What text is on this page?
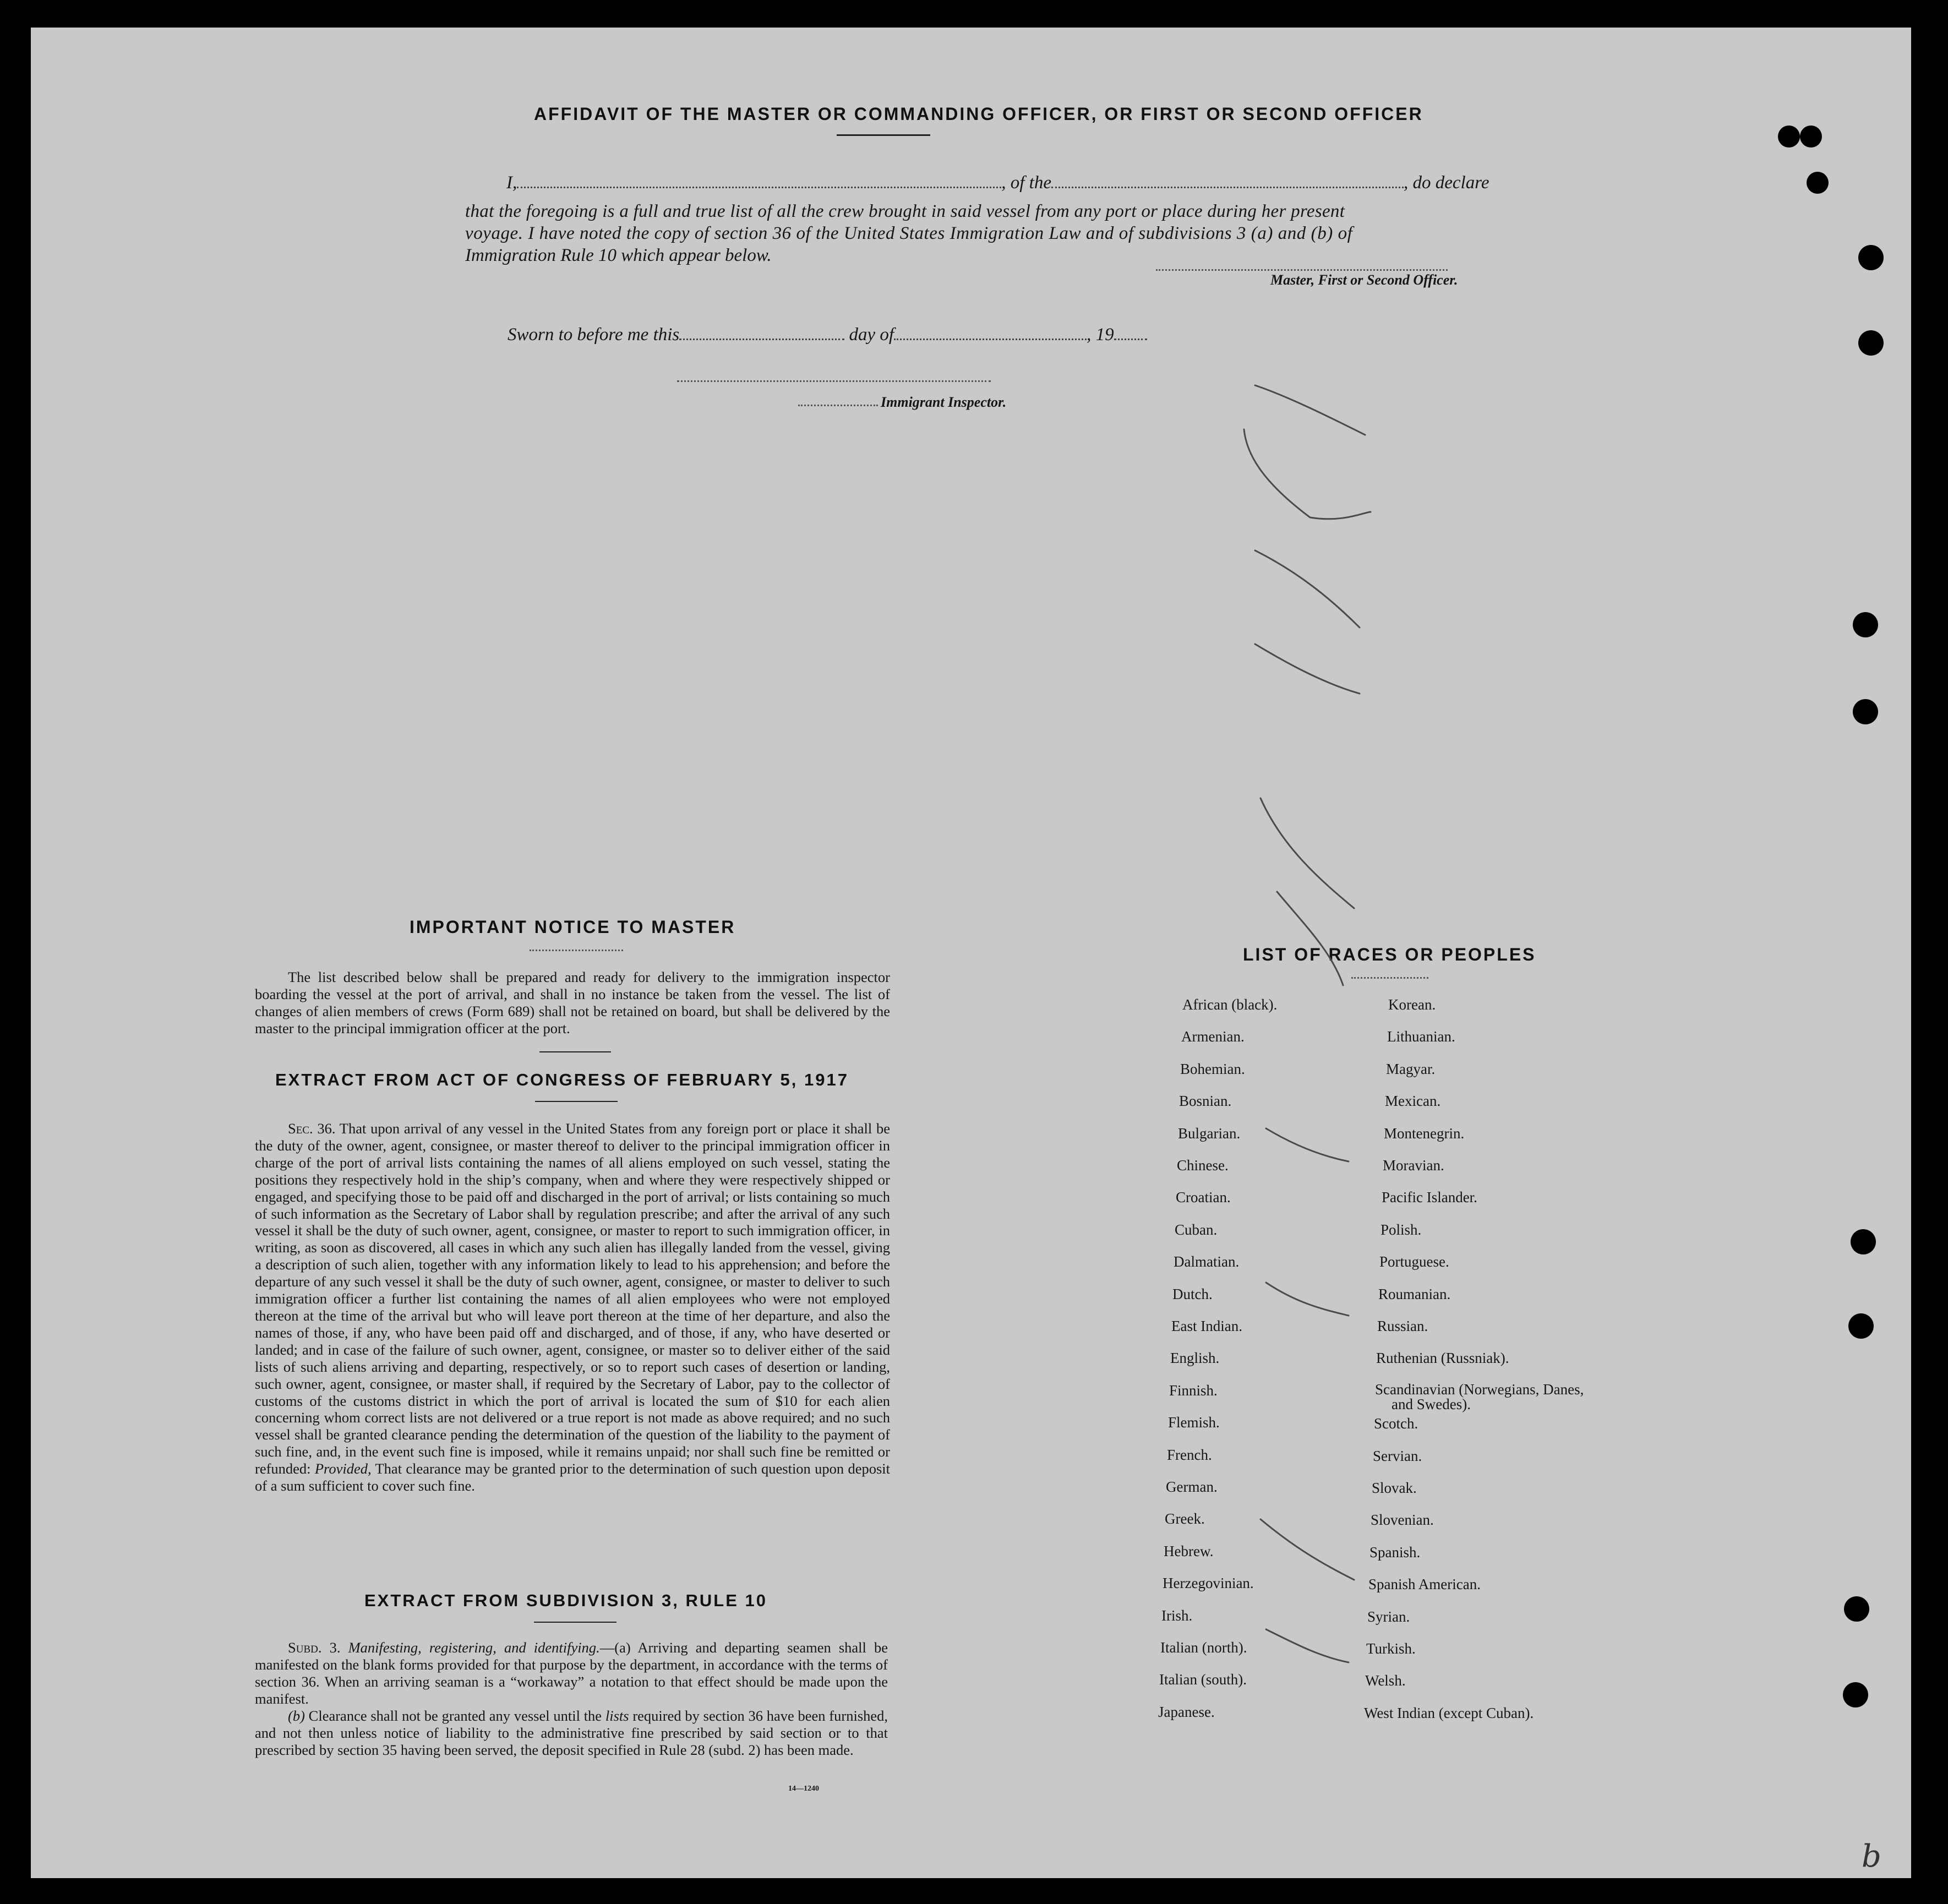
AFFIDAVIT OF THE MASTER OR COMMANDING OFFICER, OR FIRST OR SECOND OFFICER
I,	, of the	, do declare
that the foregoing is a full and true list of all the crew brought in said vessel from any port or place during her present
voyage. I have noted the copy of section 36 of the United States Immigration Law and of subdivisions 3 (a) and (b) of
Immigration Rule 10 which appear below.
Master, First or Second Officer.
Sworn to before me this	day of	, 19
Immigrant Inspector.
IMPORTANT NOTICE TO MASTER

The list described below shall be prepared and ready for delivery to the immigration inspector boarding the vessel at the port of arrival, and shall in no instance be taken from the vessel. The list of changes of alien members of crews (Form 689) shall not be retained on board, but shall be delivered by the master to the principal immigration officer at the port.

EXTRACT FROM ACT OF CONGRESS OF FEBRUARY 5, 1917

Sec. 36. That upon arrival of any vessel in the United States from any foreign port or place it shall be the duty of the owner, agent, consignee, or master thereof to deliver to the principal immigration officer in charge of the port of arrival lists containing the names of all aliens employed on such vessel, stating the positions they respectively hold in the ship’s company, when and where they were respectively shipped or engaged, and specifying those to be paid off and discharged in the port of arrival; or lists containing so much of such information as the Secretary of Labor shall by regulation prescribe; and after the arrival of any such vessel it shall be the duty of such owner, agent, consignee, or master to report to such immigration officer, in writing, as soon as discovered, all cases in which any such alien has illegally landed from the vessel, giving a description of such alien, together with any information likely to lead to his apprehension; and before the departure of any such vessel it shall be the duty of such owner, agent, consignee, or master to deliver to such immigration officer a further list containing the names of all alien employees who were not employed thereon at the time of the arrival but who will leave port thereon at the time of her departure, and also the names of those, if any, who have been paid off and discharged, and of those, if any, who have deserted or landed; and in case of the failure of such owner, agent, consignee, or master so to deliver either of the said lists of such aliens arriving and departing, respectively, or so to report such cases of desertion or landing, such owner, agent, consignee, or master shall, if required by the Secretary of Labor, pay to the collector of customs of the customs district in which the port of arrival is located the sum of $10 for each alien concerning whom correct lists are not delivered or a true report is not made as above required; and no such vessel shall be granted clearance pending the determination of the question of the liability to the payment of such fine, and, in the event such fine is imposed, while it remains unpaid; nor shall such fine be remitted or refunded: Provided, That clearance may be granted prior to the determination of such question upon deposit of a sum sufficient to cover such fine.

EXTRACT FROM SUBDIVISION 3, RULE 10

Subd. 3. Manifesting, registering, and identifying.—(a) Arriving and departing seamen shall be manifested on the blank forms provided for that purpose by the department, in accordance with the terms of section 36. When an arriving seaman is a “workaway” a notation to that effect should be made upon the manifest.

(b) Clearance shall not be granted any vessel until the lists required by section 36 have been furnished, and not then unless notice of liability to the administrative fine prescribed by said section or to that prescribed by section 35 having been served, the deposit specified in Rule 28 (subd. 2) has been made.

14—1240
LIST OF RACES OR PEOPLES
African (black).
Armenian.
Bohemian.
Bosnian.
Bulgarian.
Chinese.
Croatian.
Cuban.
Dalmatian.
Dutch.
East Indian.
English.
Finnish.
Flemish.
French.
German.
Greek.
Hebrew.
Herzegovinian.
Irish.
Italian (north).
Italian (south).
Japanese.
Korean.
Lithuanian.
Magyar.
Mexican.
Montenegrin.
Moravian.
Pacific Islander.
Polish.
Portuguese.
Roumanian.
Russian.
Ruthenian (Russniak).
Scandinavian (Norwegians, Danes, and Swedes).
Scotch.
Servian.
Slovak.
Slovenian.
Spanish.
Spanish American.
Syrian.
Turkish.
Welsh.
West Indian (except Cuban).
b
